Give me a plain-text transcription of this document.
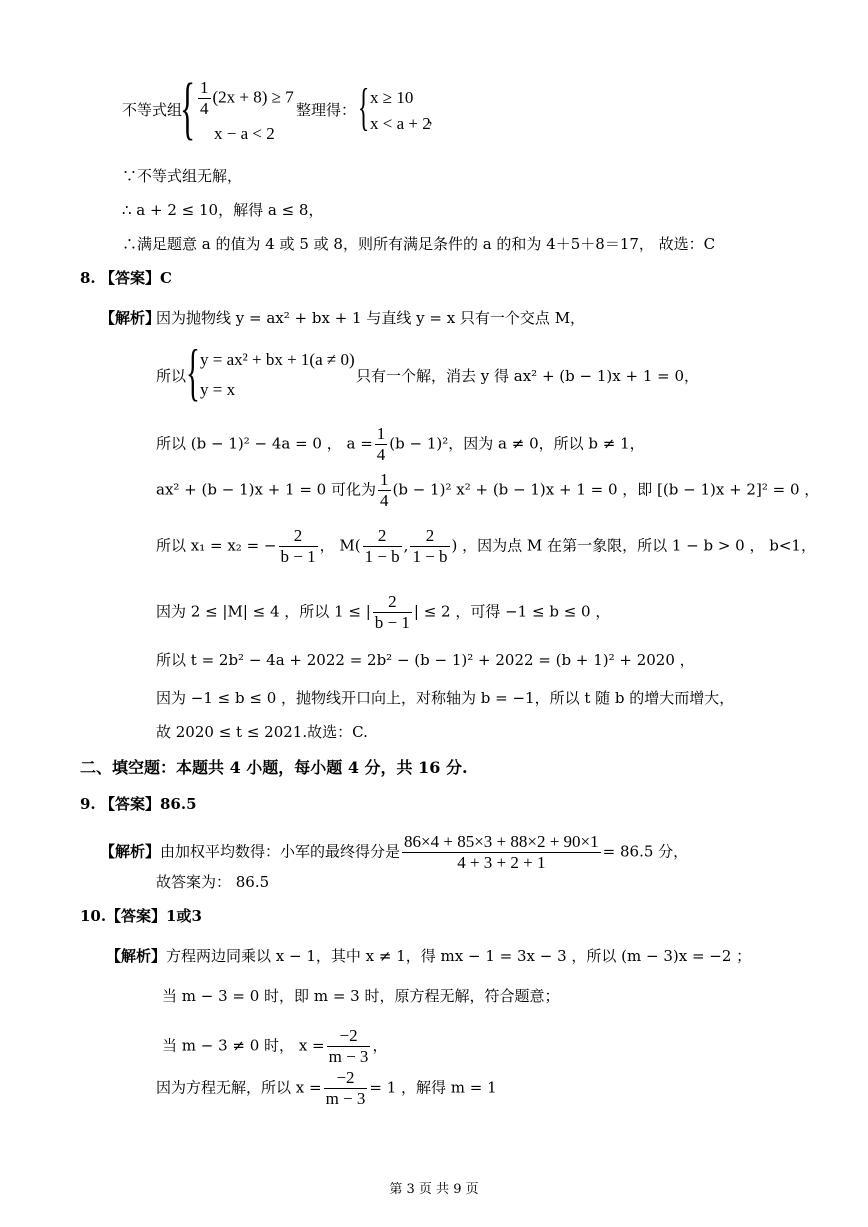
不等式组
{ $\frac{1}{4} (2x + 8) \ge 7$
x − a < 2
整理得： { x ≥ 10
x < a + 2
，
∵不等式组无解，
∴ a + 2 ≤ 10，解得 a ≤ 8，
∴满足题意 a 的值为 4 或 5 或 8，则所有满足条件的 a 的和为 4＋5＋8＝17， 故选：C
8. 【答案】C
【解析】
因为抛物线 y = ax² + bx + 1 与直线 y = x 只有一个交点 M，
所以 { y = ax² + bx + 1(a ≠ 0)
y = x
只有一个解，消去 y 得 ax² + (b − 1)x + 1 = 0，
所以 (b − 1)² − 4a = 0 ， $a = \frac{1}{4} (b - 1)^2$，因为 a ≠ 0，所以 b ≠ 1，
ax² + (b − 1)x + 1 = 0 可化为 $\frac{1}{4} (b - 1)^2$ x² + (b − 1)x + 1 = 0 ，即 [(b − 1)x + 2]² = 0 ，
所以 x₁ = x₂ = − $\frac{2}{b - 1}$ ， $M( \frac{2}{1 - b}$ , $\frac{2}{1 - b}$ ) ，因为点 M 在第一象限，所以 1 − b > 0 ， b<1，
因为 2 ≤ |M| ≤ 4 ，所以 1 ≤ | $\frac{2}{b - 1}$ | ≤ 2 ，可得 −1 ≤ b ≤ 0 ，
所以 t = 2b² − 4a + 2022 = 2b² − (b − 1)² + 2022 = (b + 1)² + 2020 ，
因为 −1 ≤ b ≤ 0 ，抛物线开口向上，对称轴为 b = −1，所以 t 随 b 的增大而增大，
故 2020 ≤ t ≤ 2021.故选：C.
二、填空题：本题共 4 小题，每小题 4 分，共 16 分.
9. 【答案】86.5
【解析】由加权平均数得：小军的最终得分是 $\frac{86\times 4 + 85\times 3 + 88\times 2 + 90\times 1}{4 + 3 + 2 + 1} = 86.5$ 分，
故答案为： 86.5
10. 【答案】1或3
【解析】方程两边同乘以 x − 1，其中 x ≠ 1，得 mx − 1 = 3x − 3 ，所以 (m − 3)x = −2 ；
当 m − 3 = 0 时，即 m = 3 时，原方程无解，符合题意；
当 m − 3 ≠ 0 时， $x = \frac{-2}{m - 3}$ ，
因为方程无解，所以 $x = \frac{-2}{m - 3} = 1$ ，解得 m = 1
第 3 页 共 9 页
